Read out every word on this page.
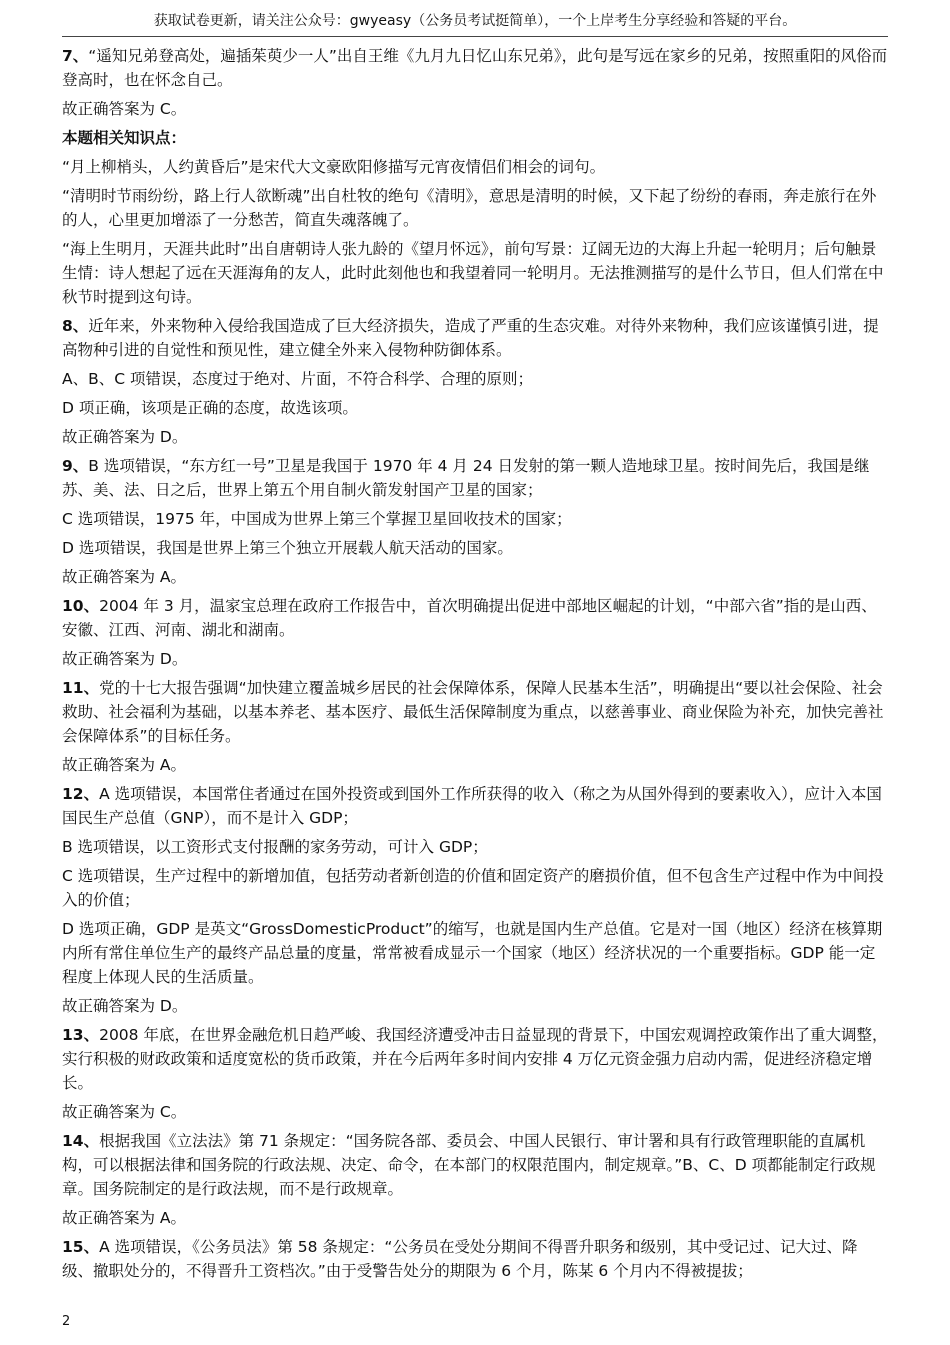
获取试卷更新，请关注公众号：gwyeasy（公务员考试挺简单），一个上岸考生分享经验和答疑的平台。
7、“遥知兄弟登高处，遍插茱萸少一人”出自王维《九月九日忆山东兄弟》，此句是写远在家乡的兄弟，按照重阳的风俗而登高时，也在怀念自己。
故正确答案为 C。
本题相关知识点：
“月上柳梢头，人约黄昏后”是宋代大文豪欧阳修描写元宵夜情侣们相会的词句。
“清明时节雨纷纷，路上行人欲断魂”出自杜牧的绝句《清明》，意思是清明的时候，又下起了纷纷的春雨，奔走旅行在外的人，心里更加增添了一分愁苦，简直失魂落魄了。
“海上生明月，天涯共此时”出自唐朝诗人张九龄的《望月怀远》，前句写景：辽阔无边的大海上升起一轮明月；后句触景生情：诗人想起了远在天涯海角的友人，此时此刻他也和我望着同一轮明月。无法推测描写的是什么节日，但人们常在中秋节时提到这句诗。
8、近年来，外来物种入侵给我国造成了巨大经济损失，造成了严重的生态灾难。对待外来物种，我们应该谨慎引进，提高物种引进的自觉性和预见性，建立健全外来入侵物种防御体系。
A、B、C 项错误，态度过于绝对、片面，不符合科学、合理的原则；
D 项正确，该项是正确的态度，故选该项。
故正确答案为 D。
9、B 选项错误，“东方红一号”卫星是我国于 1970 年 4 月 24 日发射的第一颗人造地球卫星。按时间先后，我国是继苏、美、法、日之后，世界上第五个用自制火箭发射国产卫星的国家；
C 选项错误，1975 年，中国成为世界上第三个掌握卫星回收技术的国家；
D 选项错误，我国是世界上第三个独立开展载人航天活动的国家。
故正确答案为 A。
10、2004 年 3 月，温家宝总理在政府工作报告中，首次明确提出促进中部地区崛起的计划，“中部六省”指的是山西、安徽、江西、河南、湖北和湖南。
故正确答案为 D。
11、党的十七大报告强调“加快建立覆盖城乡居民的社会保障体系，保障人民基本生活”，明确提出“要以社会保险、社会救助、社会福利为基础，以基本养老、基本医疗、最低生活保障制度为重点，以慈善事业、商业保险为补充，加快完善社会保障体系”的目标任务。
故正确答案为 A。
12、A 选项错误，本国常住者通过在国外投资或到国外工作所获得的收入（称之为从国外得到的要素收入），应计入本国国民生产总值（GNP），而不是计入 GDP；
B 选项错误，以工资形式支付报酬的家务劳动，可计入 GDP；
C 选项错误，生产过程中的新增加值，包括劳动者新创造的价值和固定资产的磨损价值，但不包含生产过程中作为中间投入的价值；
D 选项正确，GDP 是英文“GrossDomesticProduct”的缩写，也就是国内生产总值。它是对一国（地区）经济在核算期内所有常住单位生产的最终产品总量的度量，常常被看成显示一个国家（地区）经济状况的一个重要指标。GDP 能一定程度上体现人民的生活质量。
故正确答案为 D。
13、2008 年底，在世界金融危机日趋严峻、我国经济遭受冲击日益显现的背景下，中国宏观调控政策作出了重大调整，实行积极的财政政策和适度宽松的货币政策，并在今后两年多时间内安排 4 万亿元资金强力启动内需，促进经济稳定增长。
故正确答案为 C。
14、根据我国《立法法》第 71 条规定：“国务院各部、委员会、中国人民银行、审计署和具有行政管理职能的直属机构，可以根据法律和国务院的行政法规、决定、命令，在本部门的权限范围内，制定规章。”B、C、D 项都能制定行政规章。国务院制定的是行政法规，而不是行政规章。
故正确答案为 A。
15、A 选项错误，《公务员法》第 58 条规定：“公务员在受处分期间不得晋升职务和级别，其中受记过、记大过、降级、撤职处分的，不得晋升工资档次。”由于受警告处分的期限为 6 个月，陈某 6 个月内不得被提拔；
2
